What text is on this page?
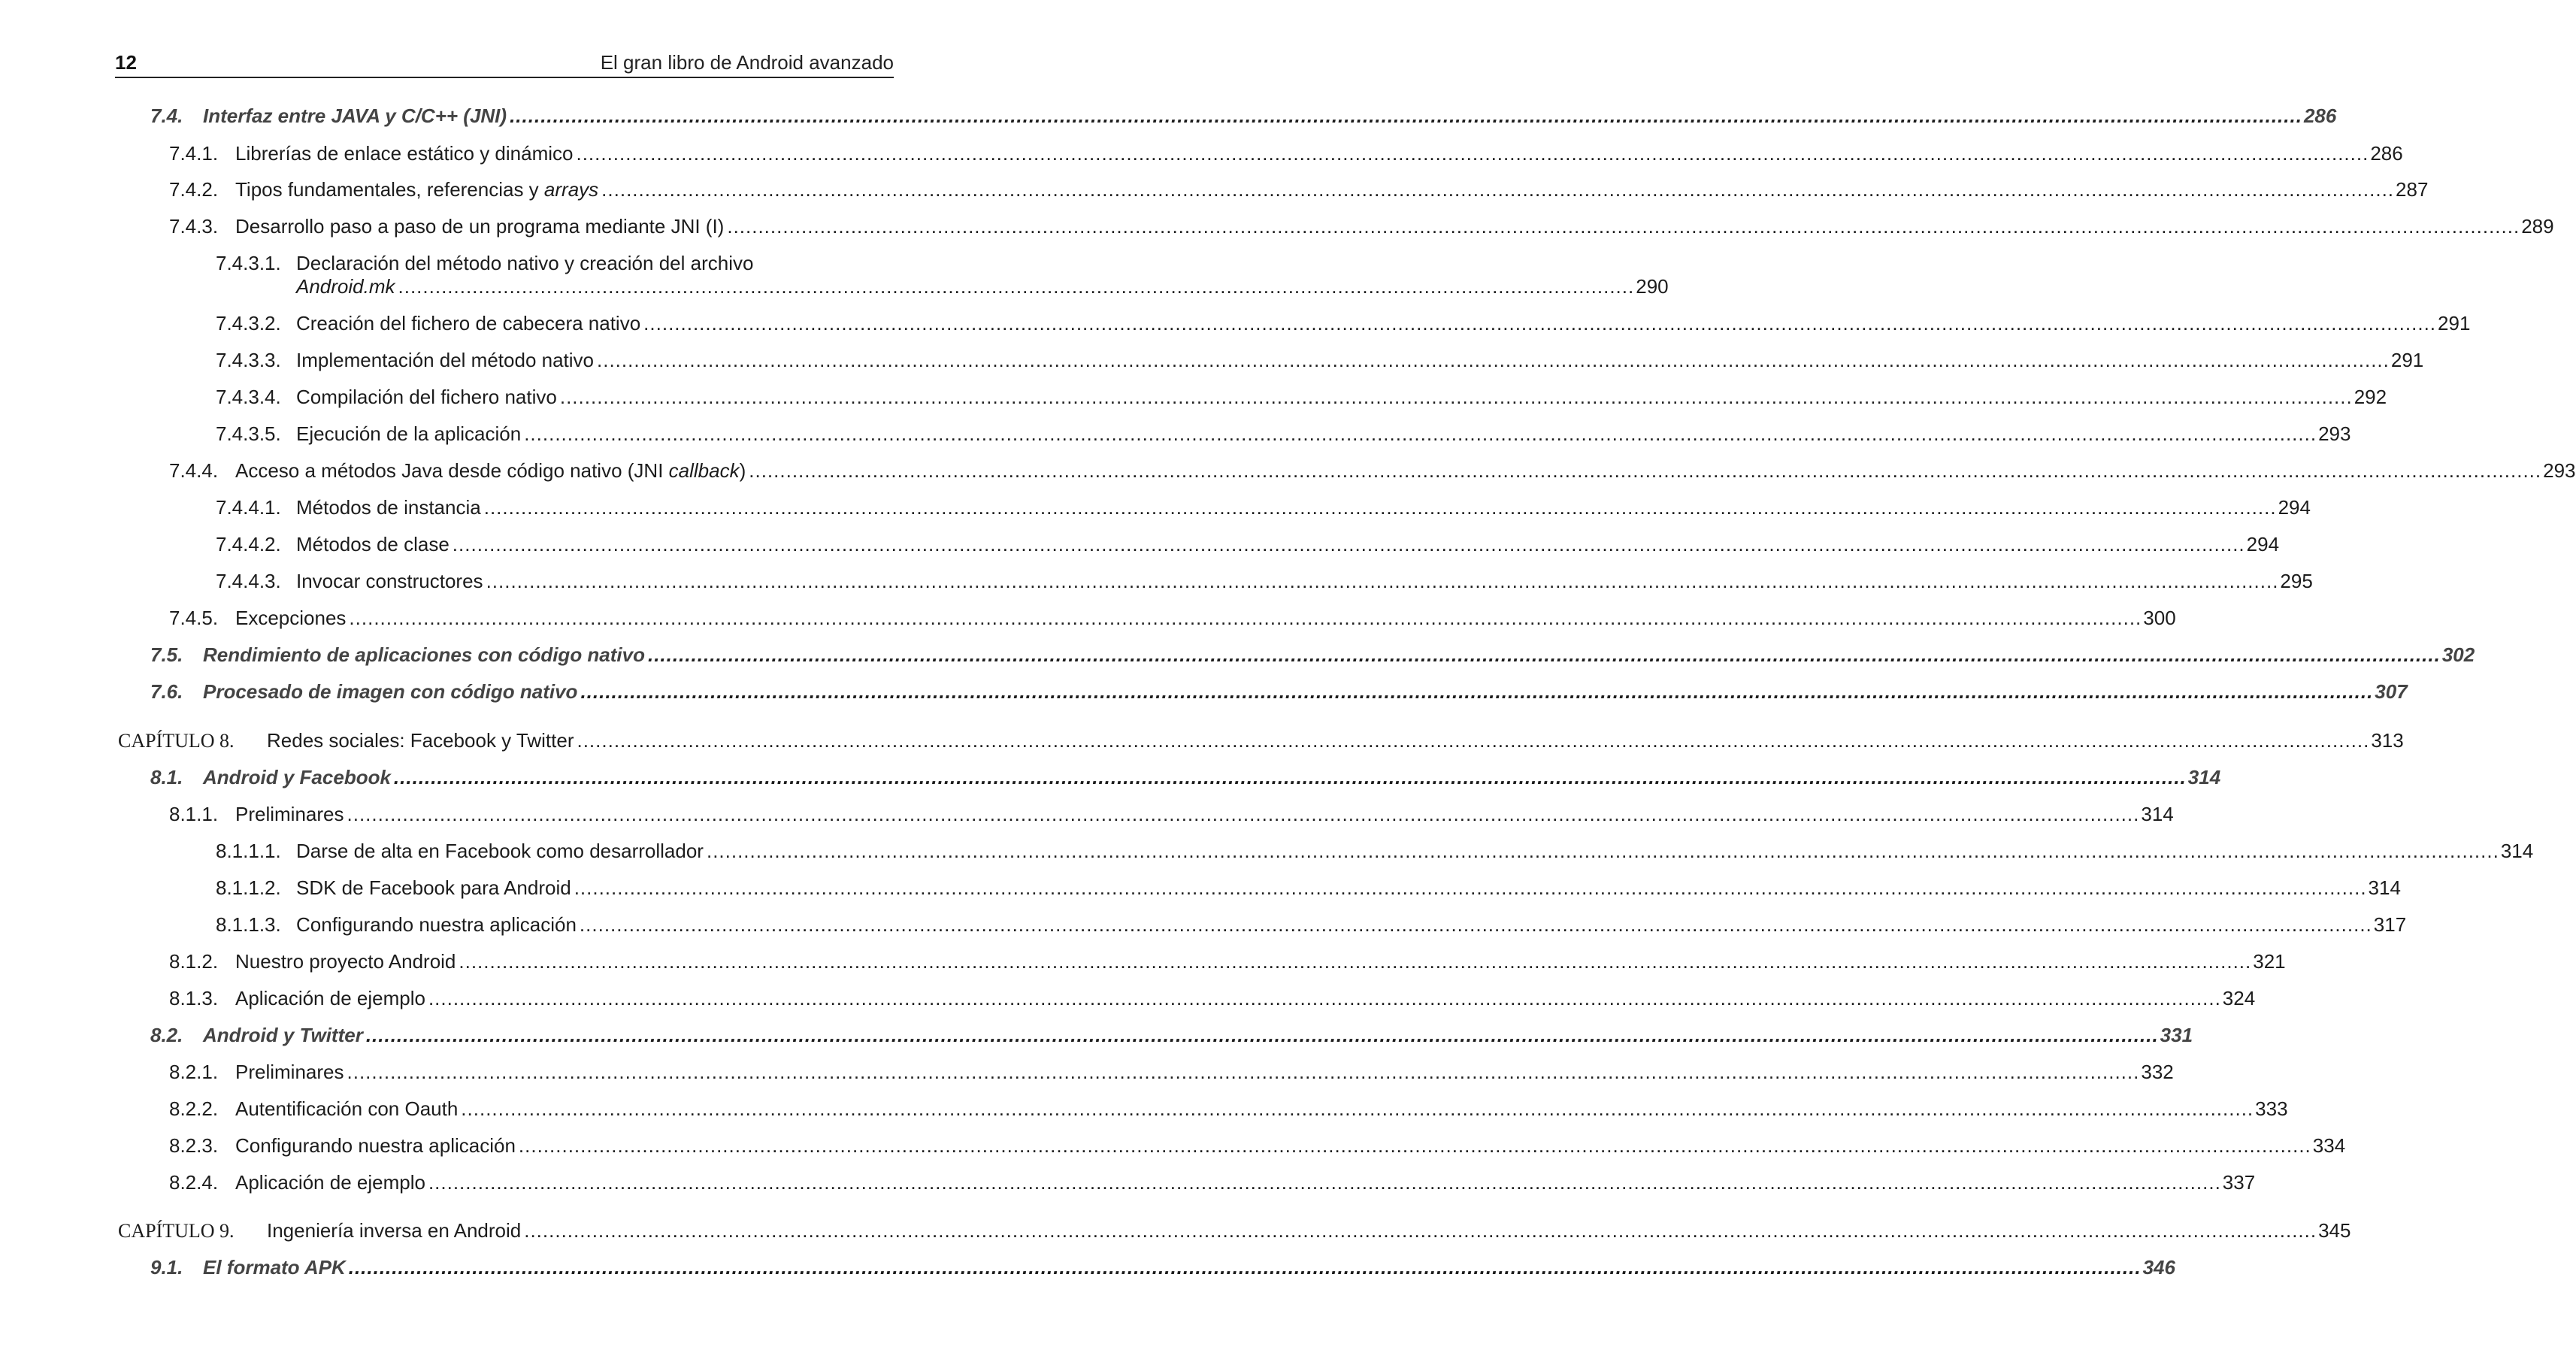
12	El gran libro de Android avanzado
7.4.	Interfaz entre JAVA y C/C++ (JNI) .....	286
7.4.1. Librerías de enlace estático y dinámico .....	286
7.4.2. Tipos fundamentales, referencias y arrays .....	287
7.4.3. Desarrollo paso a paso de un programa mediante JNI (I) .....	289
7.4.3.1. Declaración del método nativo y creación del archivo
Android.mk ........................................................................................................................................................................................................ 290
7.4.3.2. Creación del fichero de cabecera nativo .....	291
7.4.3.3. Implementación del método nativo .....	291
7.4.3.4. Compilación del fichero nativo .....	292
7.4.3.5. Ejecución de la aplicación .....	293
7.4.4. Acceso a métodos Java desde código nativo (JNI callback) .....	293
7.4.4.1. Métodos de instancia .....	294
7.4.4.2. Métodos de clase .....	294
7.4.4.3. Invocar constructores .....	295
7.4.5. Excepciones .....	300
7.5.	Rendimiento de aplicaciones con código nativo .....	302
7.6.	Procesado de imagen con código nativo .....	307
CAPÍTULO 8.	Redes sociales: Facebook y Twitter .....	313
8.1.	Android y Facebook .....	314
8.1.1. Preliminares .....	314
8.1.1.1. Darse de alta en Facebook como desarrollador .....	314
8.1.1.2. SDK de Facebook para Android .....	314
8.1.1.3. Configurando nuestra aplicación .....	317
8.1.2. Nuestro proyecto Android .....	321
8.1.3. Aplicación de ejemplo .....	324
8.2.	Android y Twitter .....	331
8.2.1. Preliminares .....	332
8.2.2. Autentificación con Oauth .....	333
8.2.3. Configurando nuestra aplicación .....	334
8.2.4. Aplicación de ejemplo .....	337
CAPÍTULO 9.	Ingeniería inversa en Android .....	345
9.1.	El formato APK .....	346
